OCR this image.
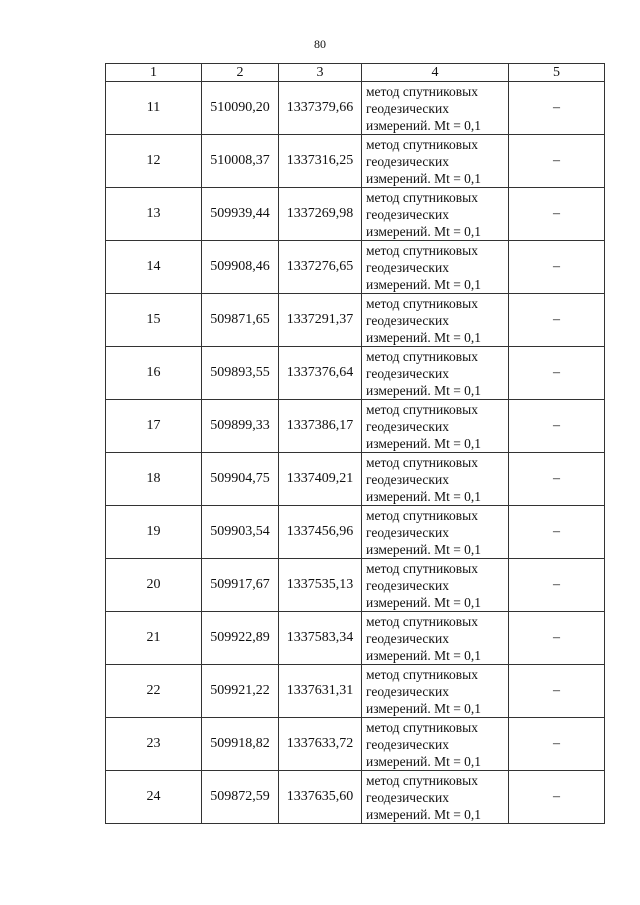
80
1	2	3	4	5
11	510090,20	1337379,66	метод спутниковых
геодезических
измерений. Mt = 0,1	–
12	510008,37	1337316,25	метод спутниковых
геодезических
измерений. Mt = 0,1	–
13	509939,44	1337269,98	метод спутниковых
геодезических
измерений. Mt = 0,1	–
14	509908,46	1337276,65	метод спутниковых
геодезических
измерений. Mt = 0,1	–
15	509871,65	1337291,37	метод спутниковых
геодезических
измерений. Mt = 0,1	–
16	509893,55	1337376,64	метод спутниковых
геодезических
измерений. Mt = 0,1	–
17	509899,33	1337386,17	метод спутниковых
геодезических
измерений. Mt = 0,1	–
18	509904,75	1337409,21	метод спутниковых
геодезических
измерений. Mt = 0,1	–
19	509903,54	1337456,96	метод спутниковых
геодезических
измерений. Mt = 0,1	–
20	509917,67	1337535,13	метод спутниковых
геодезических
измерений. Mt = 0,1	–
21	509922,89	1337583,34	метод спутниковых
геодезических
измерений. Mt = 0,1	–
22	509921,22	1337631,31	метод спутниковых
геодезических
измерений. Mt = 0,1	–
23	509918,82	1337633,72	метод спутниковых
геодезических
измерений. Mt = 0,1	–
24	509872,59	1337635,60	метод спутниковых
геодезических
измерений. Mt = 0,1	–
